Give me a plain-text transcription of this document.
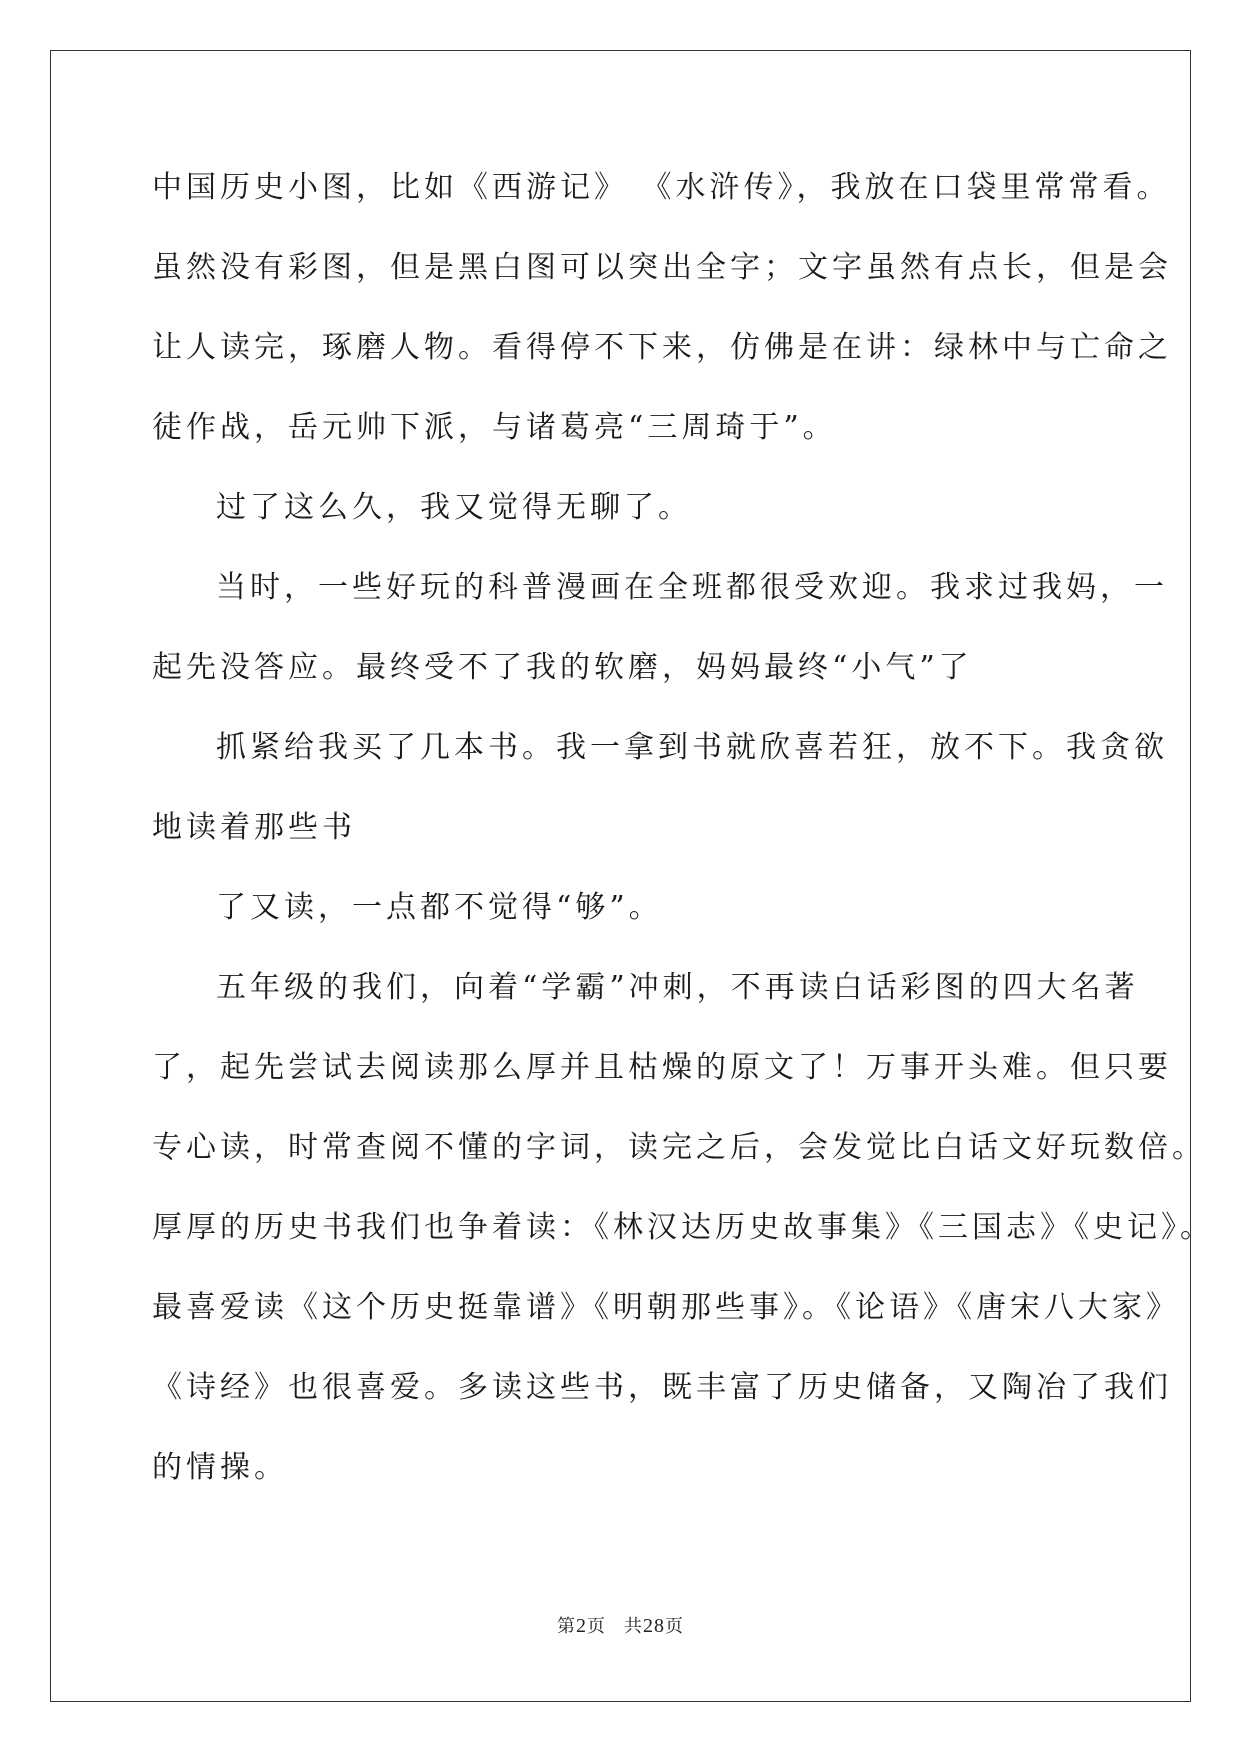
中国历史小图，比如《西游记》 《水浒传》，我放在口袋里常常看。
虽然没有彩图，但是黑白图可以突出全字；文字虽然有点长，但是会
让人读完，琢磨人物。看得停不下来，仿佛是在讲：绿林中与亡命之
徒作战，岳元帅下派，与诸葛亮“三周琦于”。
过了这么久，我又觉得无聊了。
当时，一些好玩的科普漫画在全班都很受欢迎。我求过我妈，一
起先没答应。最终受不了我的软磨，妈妈最终“小气”了
抓紧给我买了几本书。我一拿到书就欣喜若狂，放不下。我贪欲
地读着那些书
了又读，一点都不觉得“够”。
五年级的我们，向着“学霸”冲刺，不再读白话彩图的四大名著
了，起先尝试去阅读那么厚并且枯燥的原文了！万事开头难。但只要
专心读，时常查阅不懂的字词，读完之后，会发觉比白话文好玩数倍。
厚厚的历史书我们也争着读：《林汉达历史故事集》《三国志》《史记》。
最喜爱读《这个历史挺靠谱》《明朝那些事》。《论语》《唐宋八大家》
《诗经》也很喜爱。多读这些书，既丰富了历史储备，又陶冶了我们
的情操。
第2页 共28页
